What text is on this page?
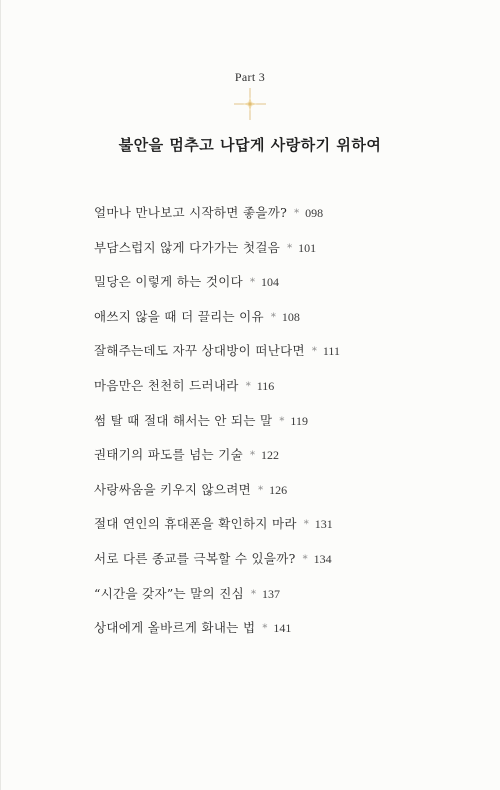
Part 3
불안을 멈추고 나답게 사랑하기 위하여
얼마나 만나보고 시작하면 좋을까? * 098
부담스럽지 않게 다가가는 첫걸음 * 101
밀당은 이렇게 하는 것이다 * 104
애쓰지 않을 때 더 끌리는 이유 * 108
잘해주는데도 자꾸 상대방이 떠난다면 * 111
마음만은 천천히 드러내라 * 116
썸 탈 때 절대 해서는 안 되는 말 * 119
권태기의 파도를 넘는 기술 * 122
사랑싸움을 키우지 않으려면 * 126
절대 연인의 휴대폰을 확인하지 마라 * 131
서로 다른 종교를 극복할 수 있을까? * 134
“시간을 갖자”는 말의 진심 * 137
상대에게 올바르게 화내는 법 * 141
